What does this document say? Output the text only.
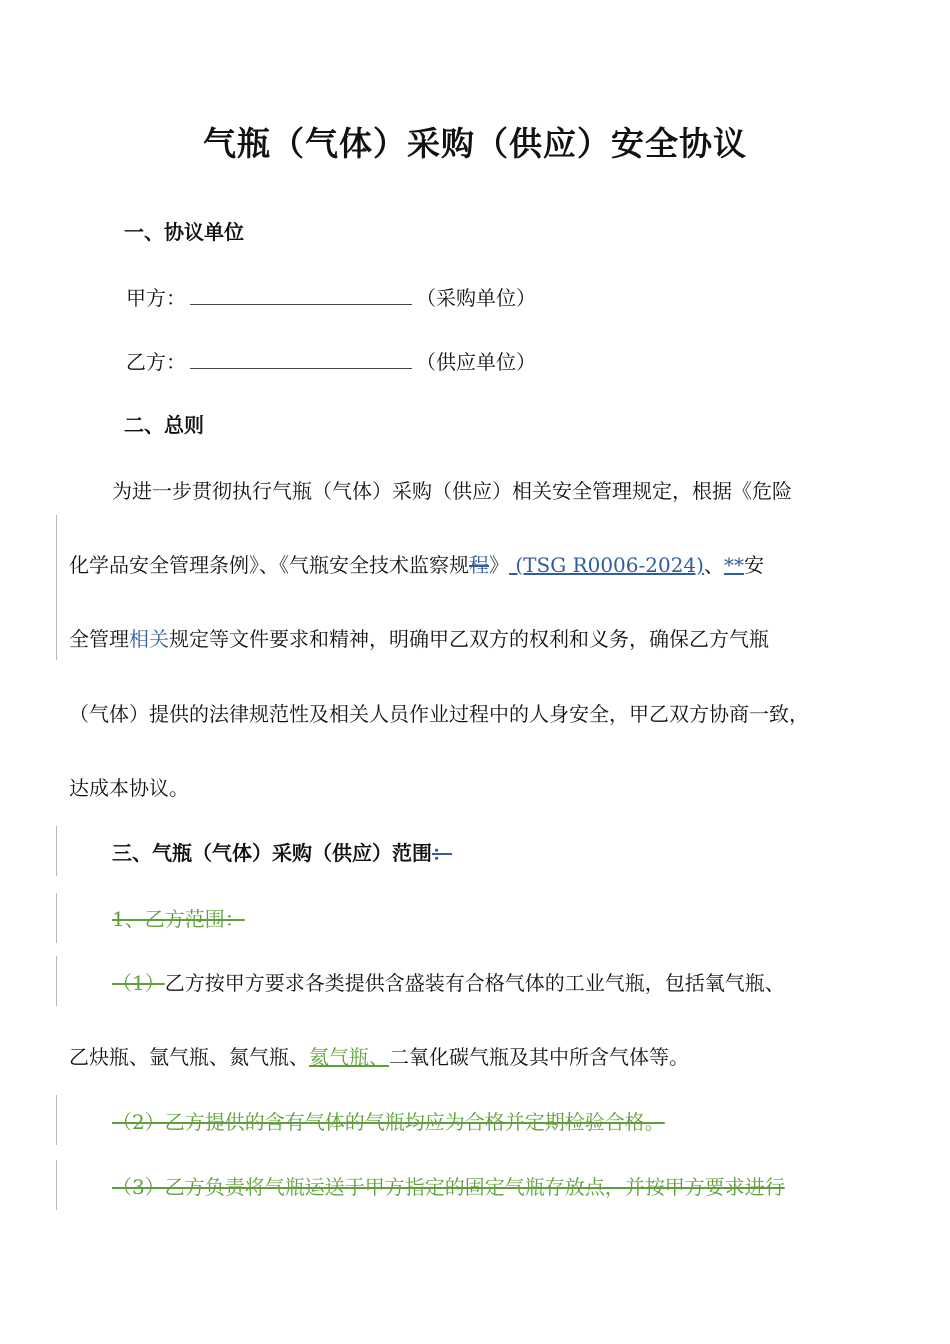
气瓶（气体）采购（供应）安全协议
一、协议单位
甲方：	（采购单位）
乙方：	（供应单位）
二、总则
为进一步贯彻执行气瓶（气体）采购（供应）相关安全管理规定，根据《危险
化学品安全管理条例》、《气瓶安全技术监察规程》 (TSG R0006-2024)、**安
全管理相关规定等文件要求和精神，明确甲乙双方的权利和义务，确保乙方气瓶
（气体）提供的法律规范性及相关人员作业过程中的人身安全，甲乙双方协商一致，
达成本协议。
三、气瓶（气体）采购（供应）范围：
1、乙方范围：
（1）乙方按甲方要求各类提供含盛装有合格气体的工业气瓶，包括氧气瓶、
乙炔瓶、氩气瓶、氮气瓶、氦气瓶、二氧化碳气瓶及其中所含气体等。
（2）乙方提供的含有气体的气瓶均应为合格并定期检验合格。
（3）乙方负责将气瓶运送于甲方指定的固定气瓶存放点，并按甲方要求进行
